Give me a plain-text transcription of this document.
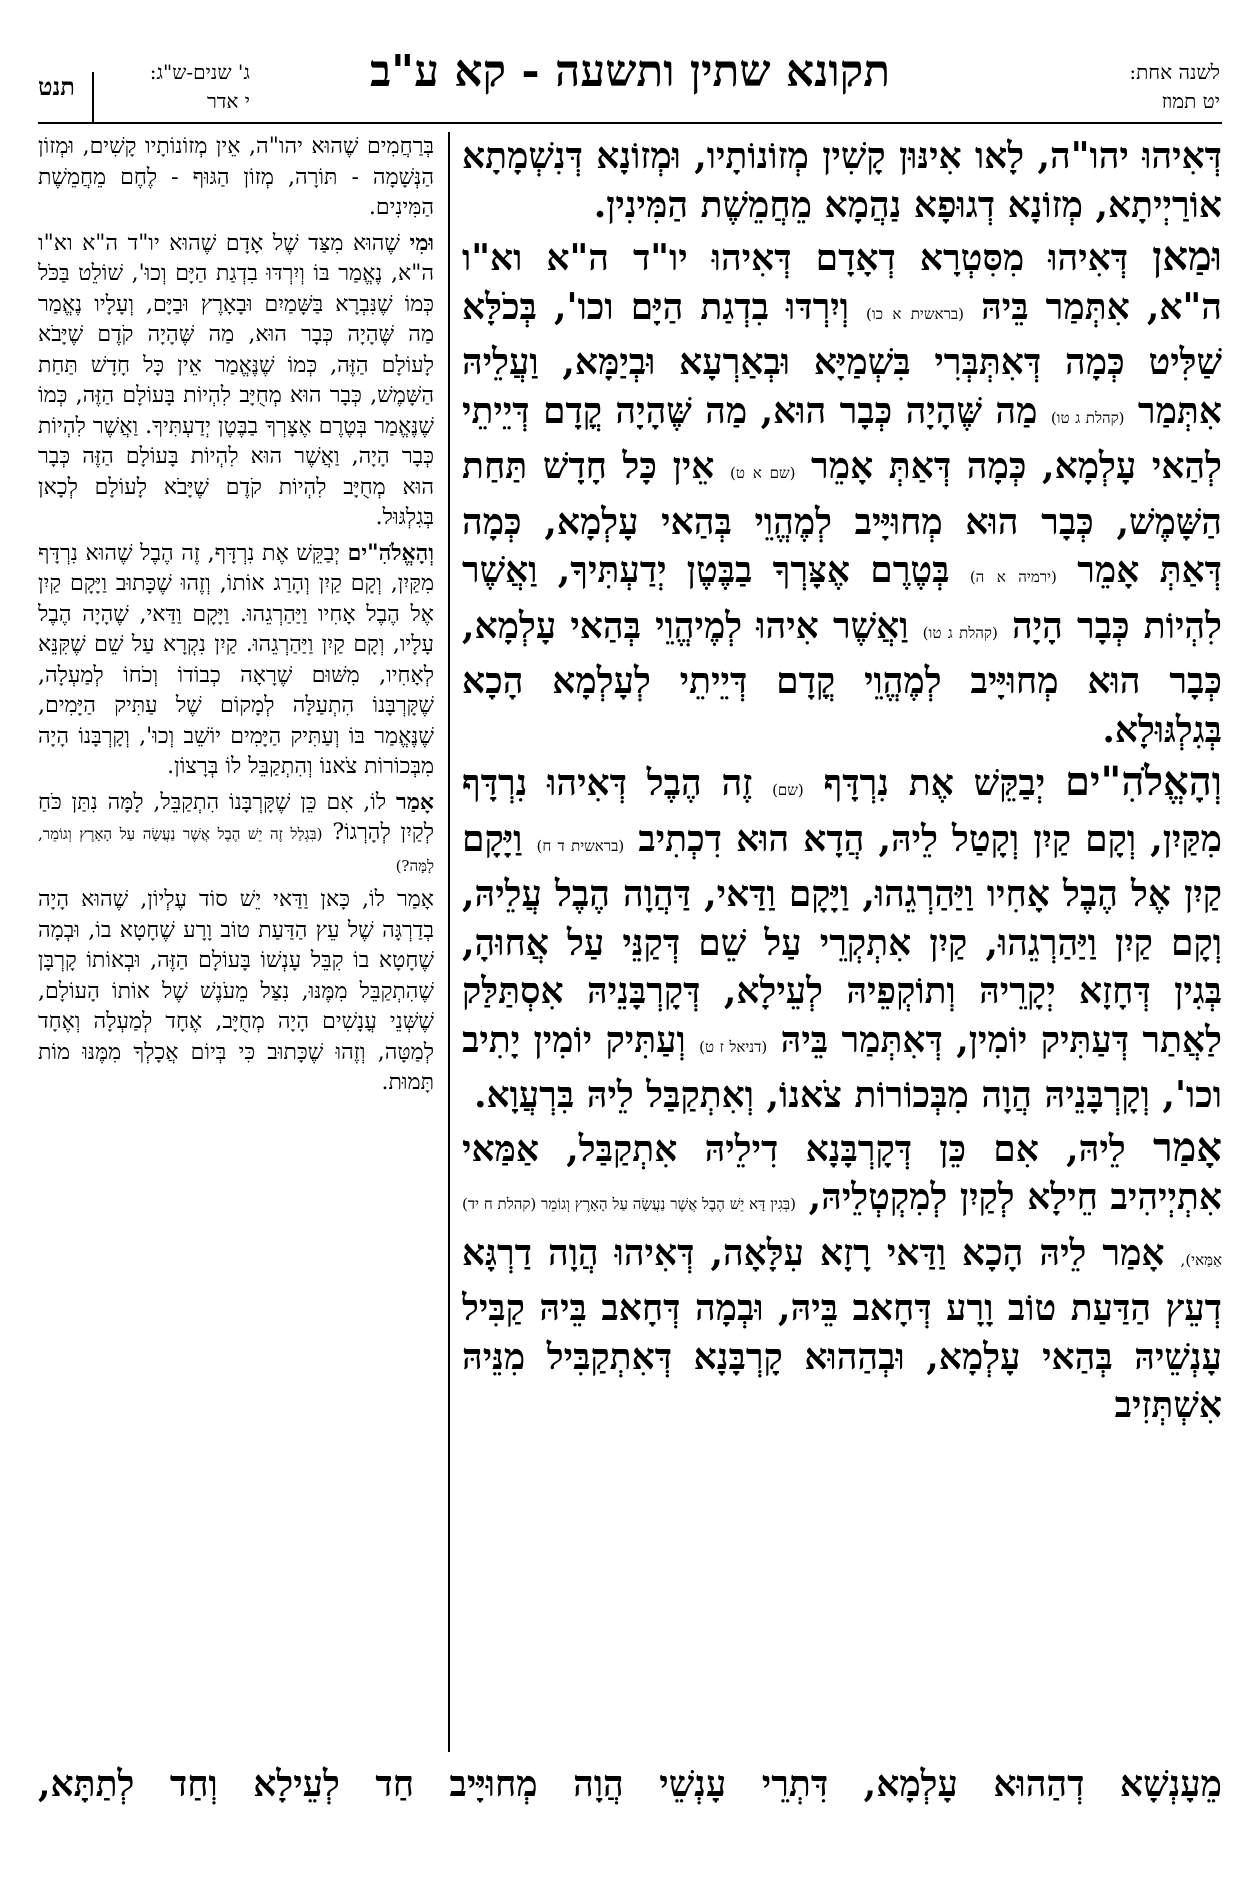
לשנה אחת:
יט תמוז
תקונא שתין ותשעה - קא ע"ב
ג' שנים-ש"ג:
י אדר
תנט

דְּאִיהוּ יהו"ה, לָאו אִינּוּן קָשִׁין מְזוֹנוֹתָיו, וּמְזוֹנָא דְּנִשְׁמָתָא אוֹרַיְיתָא, מְזוֹנָא דְגוּפָא נַהֲמָא מֵחֲמֵשֶׁת הַמִּינִין.

וּמַאן דְּאִיהוּ מִסִּטְרָא דְאָדָם דְּאִיהוּ יו"ד ה"א וא"ו ה"א, אִתְּמַר בֵּיהּ (בראשית א כו) וְיִרְדּוּ בִדְגַת הַיָּם וכו', בְּכֹלָּא שַׁלִּיט כְּמָה דְּאִתְּבְּרִי בִּשְׁמַיָּא וּבְאַרְעָא וּבְיַמָּא, וַעֲלֵיהּ אִתְּמַר (קהלת ג טו) מַה שֶּׁהָיָה כְּבָר הוּא, מַה שֶּׁהָיָה קֳדָם דְּיֵיתֵי לְהַאי עָלְמָא, כְּמָה דְּאַתְּ אָמֵר (שם א ט) אֵין כָּל חָדָשׁ תַּחַת הַשָּׁמֶשׁ, כְּבָר הוּא מְחוּיָּיב לְמֶהֱוֵי בְּהַאי עָלְמָא, כְּמָה דְּאַתְּ אָמֵר (ירמיה א ה) בְּטֶרֶם אֶצָּרְךָ בַבֶּטֶן יְדַעְתִּיךָ, וַאֲשֶׁר לִהְיוֹת כְּבָר הָיָה (קהלת ג טו) וַאֲשֶׁר אִיהוּ לְמֶיהֱוֵי בְּהַאי עָלְמָא, כְּבָר הוּא מְחוּיָּיב לְמֶהֱוֵי קֳדָם דְּיֵיתֵי לְעָלְמָא הָכָא בְּגִלְגּוּלָא.

וְהָאֱלֹהִ"ים יְבַקֵּשׁ אֶת נִרְדָּף (שם) זֶה הֶבֶל דְּאִיהוּ נִרְדָּף מִקַּיִן, וְקָם קַיִן וְקָטַל לֵיהּ, הֲדָא הוּא דִכְתִיב (בראשית ד ח) וַיָּקָם קַיִן אֶל הֶבֶל אָחִיו וַיַּהַרְגֵהוּ, וַיָּקָם וַדַּאי, דַּהֲוָה הֶבֶל עֲלֵיהּ, וְקָם קַיִן וַיַּהַרְגֵהוּ, קַיִן אִתְקְרֵי עַל שֵׁם דְּקַנֵּי עַל אֲחוּהָ, בְּגִין דְּחָזָא יְקָרֵיהּ וְתוֹקְפֵיהּ לְעֵילָא, דְּקָרְבָּנֵיהּ אִסְתַּלַּק לַאֲתַר דְּעַתִּיק יוֹמִין, דְּאִתְּמַר בֵּיהּ (דניאל ז ט) וְעַתִּיק יוֹמִין יָתִיב וכו', וְקָרְבָּנֵיהּ הֲוָה מִבְּכוֹרוֹת צֹאנוֹ, וְאִתְקַבַּל לֵיהּ בִּרְעֲוָא.

אָמַר לֵיהּ, אִם כֵּן דְּקָרְבָּנָא דִילֵיהּ אִתְקַבַּל, אַמַּאי אִתְיְיהִיב חֵילָא לְקַיִן לְמִקְטְלֵיהּ, (בְּגִין דָּא יֵשׁ הֶבֶל אֲשֶׁר נַעֲשָׂה עַל הָאָרֶץ וְגוֹמֵר (קהלת ח יד) אַמַּאי), אָמַר לֵיהּ הָכָא וַדַּאי רָזָא עִלָּאָה, דְּאִיהוּ הֲוָה דַרְגָּא דְעֵץ הַדַּעַת טוֹב וָרָע דְּחָאב בֵּיהּ, וּבְמָה דְּחָאב בֵּיהּ קַבִּיל עָנְשֵׁיהּ בְּהַאי עָלְמָא, וּבְהַהוּא קָרְבָּנָא דְּאִתְקַבִּיל מִנֵּיהּ אִשְׁתְּזִיב

בְּרַחֲמִים שֶׁהוּא יהו"ה, אֵין מְזוֹנוֹתָיו קָשִׁים, וּמְזוֹן הַנְּשָׁמָה - תּוֹרָה, מְזוֹן הַגּוּף - לֶחֶם מֵחֲמֵשֶׁת הַמִּינִים.

וּמִי שֶׁהוּא מִצַּד שֶׁל אָדָם שֶׁהוּא יו"ד ה"א וא"ו ה"א, נֶאֱמַר בּוֹ וְיִרְדּוּ בִדְגַת הַיָּם וְכוּ', שׁוֹלֵט בַּכֹּל כְּמוֹ שֶׁנִּבְרָא בַּשָּׁמַיִם וּבָאָרֶץ וּבַיָּם, וְעָלָיו נֶאֱמַר מַה שֶּׁהָיָה כְּבָר הוּא, מַה שֶּׁהָיָה קֹדֶם שֶׁיָּבֹא לָעוֹלָם הַזֶּה, כְּמוֹ שֶׁנֶּאֱמַר אֵין כָּל חָדָשׁ תַּחַת הַשָּׁמֶשׁ, כְּבָר הוּא מְחֻיָּב לִהְיוֹת בָּעוֹלָם הַזֶּה, כְּמוֹ שֶׁנֶּאֱמַר בְּטֶרֶם אֶצָּרְךָ בַבֶּטֶן יְדַעְתִּיךָ. וַאֲשֶׁר לִהְיוֹת כְּבָר הָיָה, וַאֲשֶׁר הוּא לִהְיוֹת בָּעוֹלָם הַזֶּה כְּבָר הוּא מְחֻיָּב לִהְיוֹת קֹדֶם שֶׁיָּבֹא לָעוֹלָם לְכָאן בְּגִלְגּוּל.

וְהָאֱלֹהִ"ים יְבַקֵּשׁ אֶת נִרְדָּף, זֶה הֶבֶל שֶׁהוּא נִרְדָּף מִקַּיִן, וְקָם קַיִן וְהָרַג אוֹתוֹ, וְזֶהוּ שֶׁכָּתוּב וַיָּקָם קַיִן אֶל הֶבֶל אָחִיו וַיַּהַרְגֵהוּ. וַיָּקָם וַדַּאי, שֶׁהָיָה הֶבֶל עָלָיו, וְקָם קַיִן וַיַּהַרְגֵהוּ. קַיִן נִקְרָא עַל שֵׁם שֶׁקִּנֵּא לְאָחִיו, מִשּׁוּם שֶׁרָאָה כְבוֹדוֹ וְכֹחוֹ לְמַעְלָה, שֶׁקָּרְבָּנוֹ הִתְעַלָּה לְמָקוֹם שֶׁל עַתִּיק הַיָּמִים, שֶׁנֶּאֱמַר בּוֹ וְעַתִּיק הַיָּמִים יוֹשֵׁב וְכוּ', וְקָרְבָּנוֹ הָיָה מִבְּכוֹרוֹת צֹאנוֹ וְהִתְקַבֵּל לוֹ בְּרָצוֹן.

אָמַר לוֹ, אִם כֵּן שֶׁקָּרְבָּנוֹ הִתְקַבֵּל, לָמָּה נִתַּן כֹּחַ לְקַיִן לְהָרְגוֹ? (בִּגְלַל זֶה יֵשׁ הֶבֶל אֲשֶׁר נַעֲשָׂה עַל הָאָרֶץ וְגוֹמֵר, לָמָּה?)

אָמַר לוֹ, כָּאן וַדַּאי יֵשׁ סוֹד עֶלְיוֹן, שֶׁהוּא הָיָה בְדַרְגָּה שֶׁל עֵץ הַדַּעַת טוֹב וָרָע שֶׁחָטָא בוֹ, וּבְמָה שֶׁחָטָא בוֹ קִבֵּל עָנְשׁוֹ בָּעוֹלָם הַזֶּה, וּבְאוֹתוֹ קָרְבָּן שֶׁהִתְקַבֵּל מִמֶּנּוּ, נִצַּל מֵעֹנֶשׁ שֶׁל אוֹתוֹ הָעוֹלָם, שֶׁשְּׁנֵי עֳנָשִׁים הָיָה מְחֻיָּב, אֶחָד לְמַעְלָה וְאֶחָד לְמַטָּה, וְזֶהוּ שֶׁכָּתוּב כִּי בְּיוֹם אֲכָלְךָ מִמֶּנּוּ מוֹת תָּמוּת.

מֵעָנְשָׁא דְהַהוּא עָלְמָא, דִּתְרֵי עָנְשֵׁי הֲוָה מְחוּיָּיב חַד לְעֵילָא וְחַד לְתַתָּא,
